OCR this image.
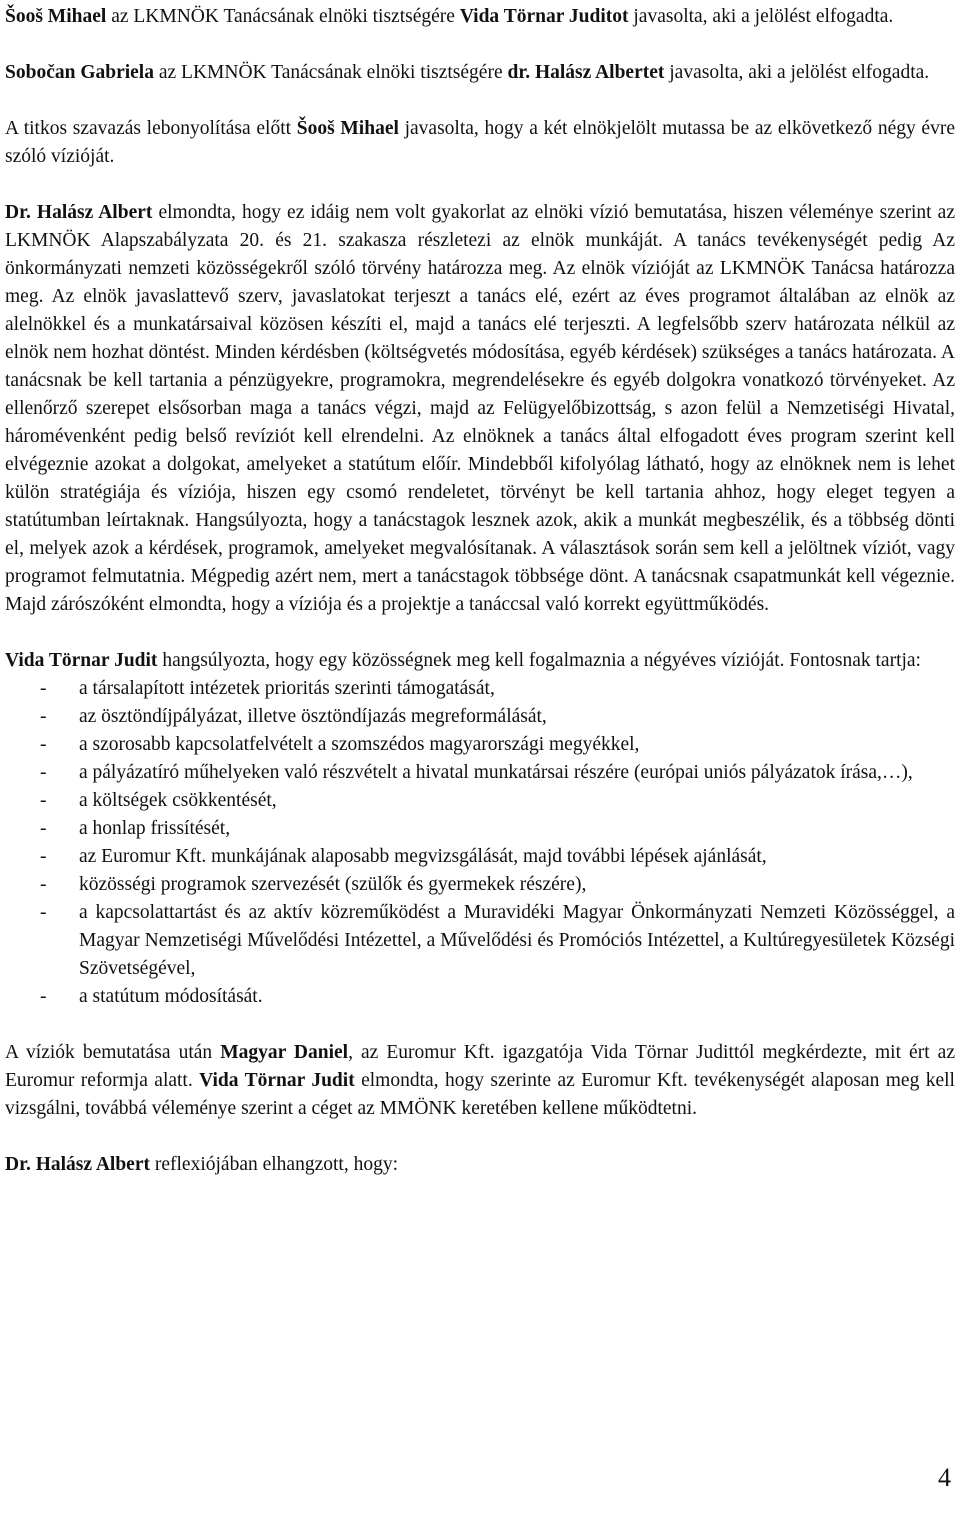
Šooš Mihael az LKMNÖK Tanácsának elnöki tisztségére Vida Törnar Juditot javasolta, aki a jelölést elfogadta.

Sobočan Gabriela az LKMNÖK Tanácsának elnöki tisztségére dr. Halász Albertet javasolta, aki a jelölést elfogadta.

A titkos szavazás lebonyolítása előtt Šooš Mihael javasolta, hogy a két elnökjelölt mutassa be az elkövetkező négy évre szóló vízióját.

Dr. Halász Albert elmondta, hogy ez idáig nem volt gyakorlat az elnöki vízió bemutatása, hiszen véleménye szerint az LKMNÖK Alapszabályzata 20. és 21. szakasza részletezi az elnök munkáját. A tanács tevékenységét pedig Az önkormányzati nemzeti közösségekről szóló törvény határozza meg. Az elnök vízióját az LKMNÖK Tanácsa határozza meg. Az elnök javaslattevő szerv, javaslatokat terjeszt a tanács elé, ezért az éves programot általában az elnök az alelnökkel és a munkatársaival közösen készíti el, majd a tanács elé terjeszti. A legfelsőbb szerv határozata nélkül az elnök nem hozhat döntést. Minden kérdésben (költségvetés módosítása, egyéb kérdések) szükséges a tanács határozata. A tanácsnak be kell tartania a pénzügyekre, programokra, megrendelésekre és egyéb dolgokra vonatkozó törvényeket. Az ellenőrző szerepet elsősorban maga a tanács végzi, majd az Felügyelőbizottság, s azon felül a Nemzetiségi Hivatal, háromévenként pedig belső revíziót kell elrendelni. Az elnöknek a tanács által elfogadott éves program szerint kell elvégeznie azokat a dolgokat, amelyeket a statútum előír. Mindebből kifolyólag látható, hogy az elnöknek nem is lehet külön stratégiája és víziója, hiszen egy csomó rendeletet, törvényt be kell tartania ahhoz, hogy eleget tegyen a statútumban leírtaknak. Hangsúlyozta, hogy a tanácstagok lesznek azok, akik a munkát megbeszélik, és a többség dönti el, melyek azok a kérdések, programok, amelyeket megvalósítanak. A választások során sem kell a jelöltnek víziót, vagy programot felmutatnia. Mégpedig azért nem, mert a tanácstagok többsége dönt. A tanácsnak csapatmunkát kell végeznie. Majd zárószóként elmondta, hogy a víziója és a projektje a tanáccsal való korrekt együttműködés.

Vida Törnar Judit hangsúlyozta, hogy egy közösségnek meg kell fogalmaznia a négyéves vízióját. Fontosnak tartja:

- a társalapított intézetek prioritás szerinti támogatását,
- az ösztöndíjpályázat, illetve ösztöndíjazás megreformálását,
- a szorosabb kapcsolatfelvételt a szomszédos magyarországi megyékkel,
- a pályázatíró műhelyeken való részvételt a hivatal munkatársai részére (európai uniós pályázatok írása,…),
- a költségek csökkentését,
- a honlap frissítését,
- az Euromur Kft. munkájának alaposabb megvizsgálását, majd további lépések ajánlását,
- közösségi programok szervezését (szülők és gyermekek részére),
- a kapcsolattartást és az aktív közreműködést a Muravidéki Magyar Önkormányzati Nemzeti Közösséggel, a Magyar Nemzetiségi Művelődési Intézettel, a Művelődési és Promóciós Intézettel, a Kultúregyesületek Községi Szövetségével,
- a statútum módosítását.

A víziók bemutatása után Magyar Daniel, az Euromur Kft. igazgatója Vida Törnar Judittól megkérdezte, mit ért az Euromur reformja alatt. Vida Törnar Judit elmondta, hogy szerinte az Euromur Kft. tevékenységét alaposan meg kell vizsgálni, továbbá véleménye szerint a céget az MMÖNK keretében kellene működtetni.

Dr. Halász Albert reflexiójában elhangzott, hogy:

4
